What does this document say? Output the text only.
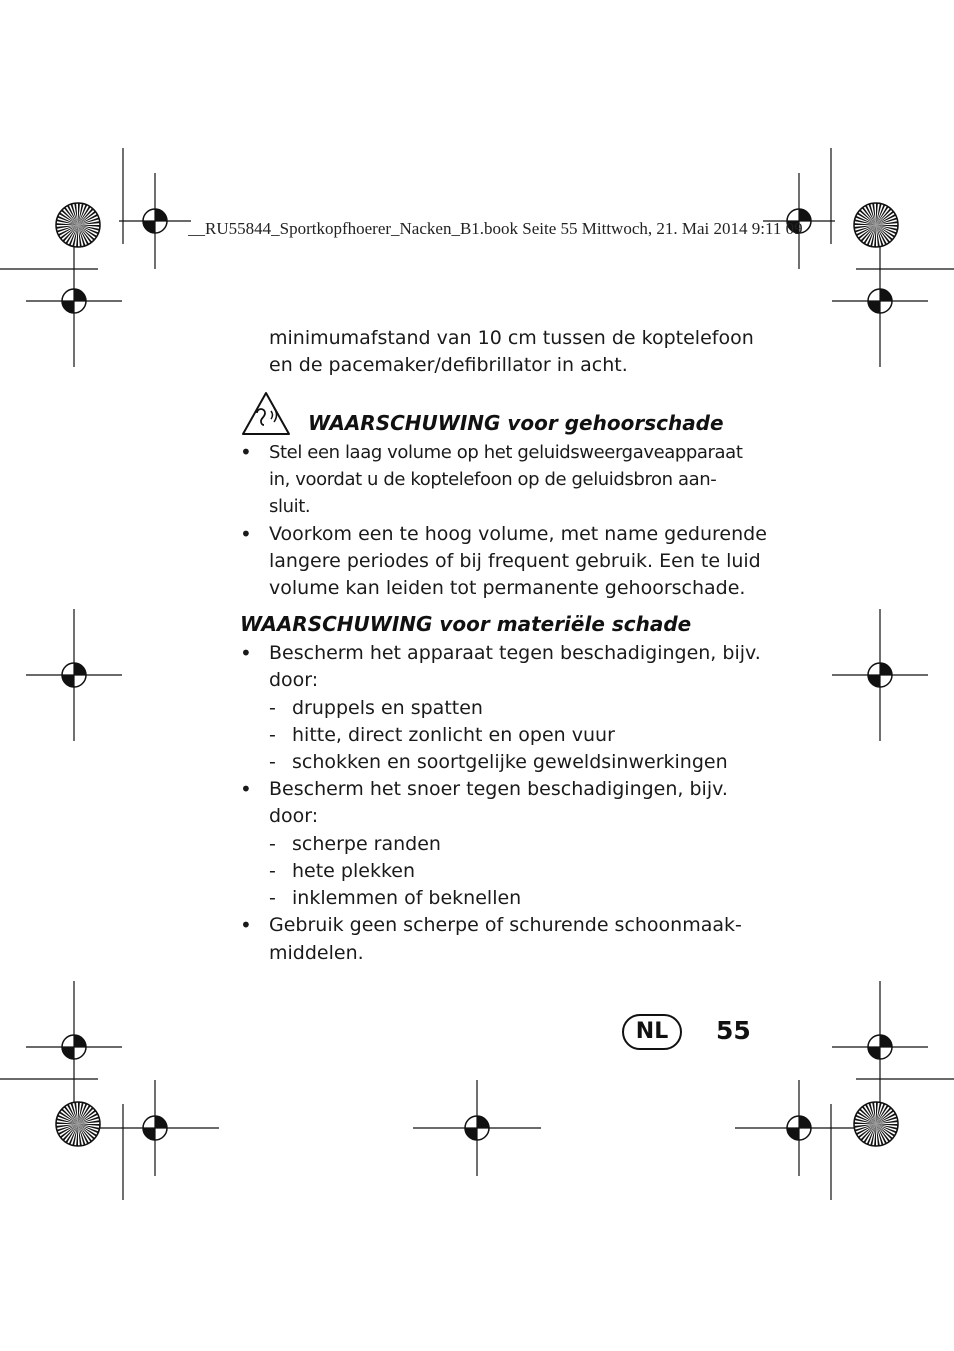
__RU55844_Sportkopfhoerer_Nacken_B1.book Seite 55 Mittwoch, 21. Mai 2014 9:11 09
minimumafstand van 10 cm tussen de koptelefoon
en de pacemaker/defibrillator in acht.
WAARSCHUWING voor gehoorschade
• Stel een laag volume op het geluidsweergaveapparaat
in, voordat u de koptelefoon op de geluidsbron aan-
sluit.
• Voorkom een te hoog volume, met name gedurende
langere periodes of bij frequent gebruik. Een te luid
volume kan leiden tot permanente gehoorschade.
WAARSCHUWING voor materiële schade
• Bescherm het apparaat tegen beschadigingen, bijv.
door:
- druppels en spatten
- hitte, direct zonlicht en open vuur
- schokken en soortgelijke geweldsinwerkingen
• Bescherm het snoer tegen beschadigingen, bijv.
door:
- scherpe randen
- hete plekken
- inklemmen of beknellen
• Gebruik geen scherpe of schurende schoonmaak-
middelen.
NL	55
